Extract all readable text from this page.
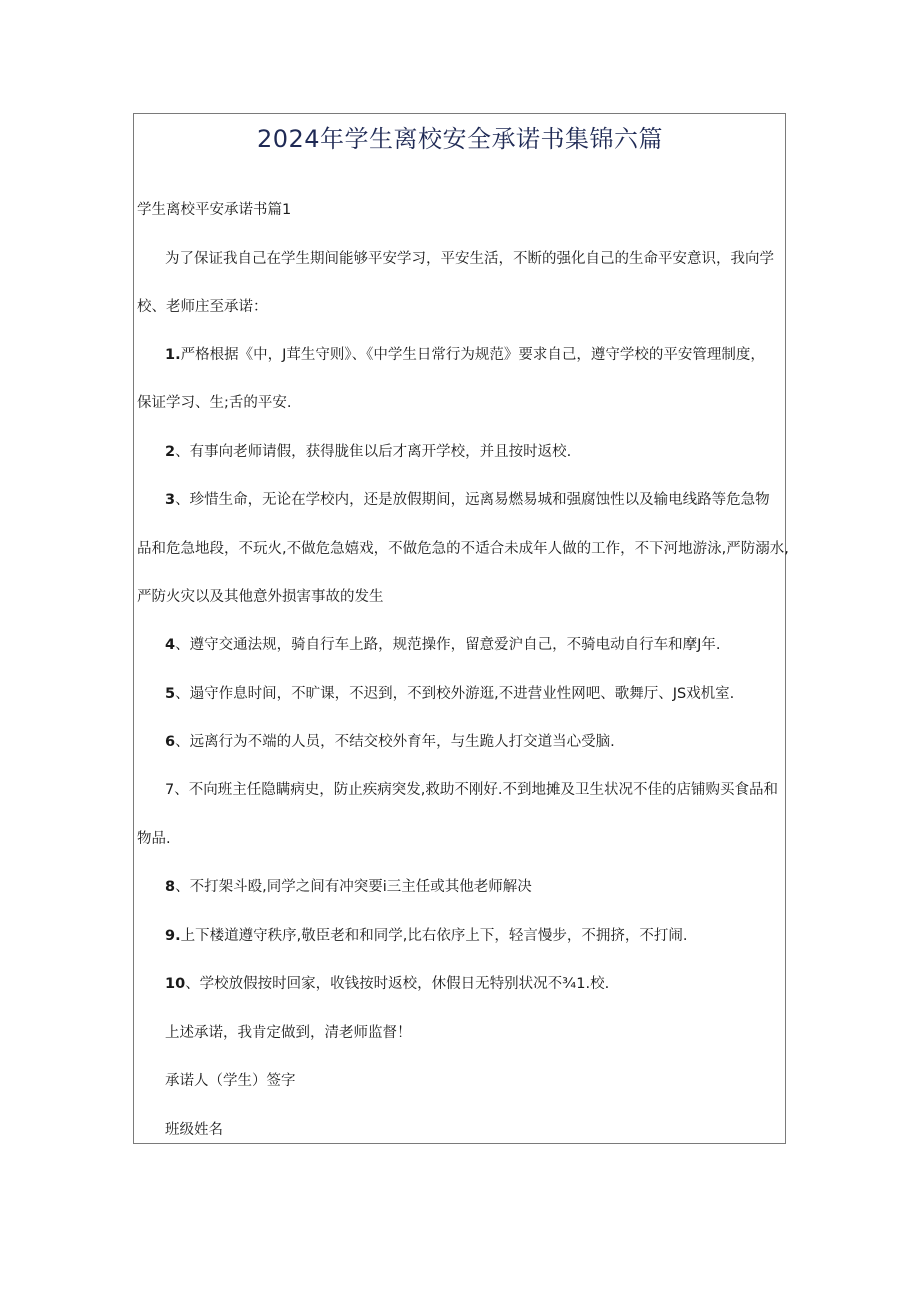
2024年学生离校安全承诺书集锦六篇
学生离校平安承诺书篇1
为了保证我自己在学生期间能够平安学习，平安生活，不断的强化自己的生命平安意识，我向学
校、老师庄至承诺：
1.严格根据《中，J茸生守则》、《中学生日常行为规范》要求自己，遵守学校的平安管理制度，
保证学习、生;舌的平安.
2、有事向老师请假，获得胧隹以后才离开学校，并且按时返校.
3、珍惜生命，无论在学校内，还是放假期间，远离易燃易城和强腐蚀性以及输电线路等危急物
品和危急地段，不玩火,不做危急嬉戏，不做危急的不适合未成年人做的工作，不下河地游泳,严防溺水,
严防火灾以及其他意外损害事故的发生
4、遵守交通法规，骑自行车上路，规范操作，留意爱沪自己，不骑电动自行车和摩J年.
5、遢守作息时间，不旷课，不迟到，不到校外游逛,不进营业性网吧、歌舞厅、JS戏机室.
6、远离行为不端的人员，不结交校外育年，与生跪人打交道当心受脑.
7、不向班主任隐瞒病史，防止疾病突发,救助不刚好.不到地摊及卫生状况不佳的店铺购买食品和
物品.
8、不打架斗殴,同学之间有冲突要i三主任或其他老师解决
9.上下楼道遵守秩序,敬臣老和和同学,比右依序上下，轻言慢步，不拥挤，不打闹.
10、学校放假按时回家，收钱按时返校，休假日无特别状况不¾1.校.
上述承诺，我肯定做到，清老师监督！
承诺人（学生）签字
班级姓名
